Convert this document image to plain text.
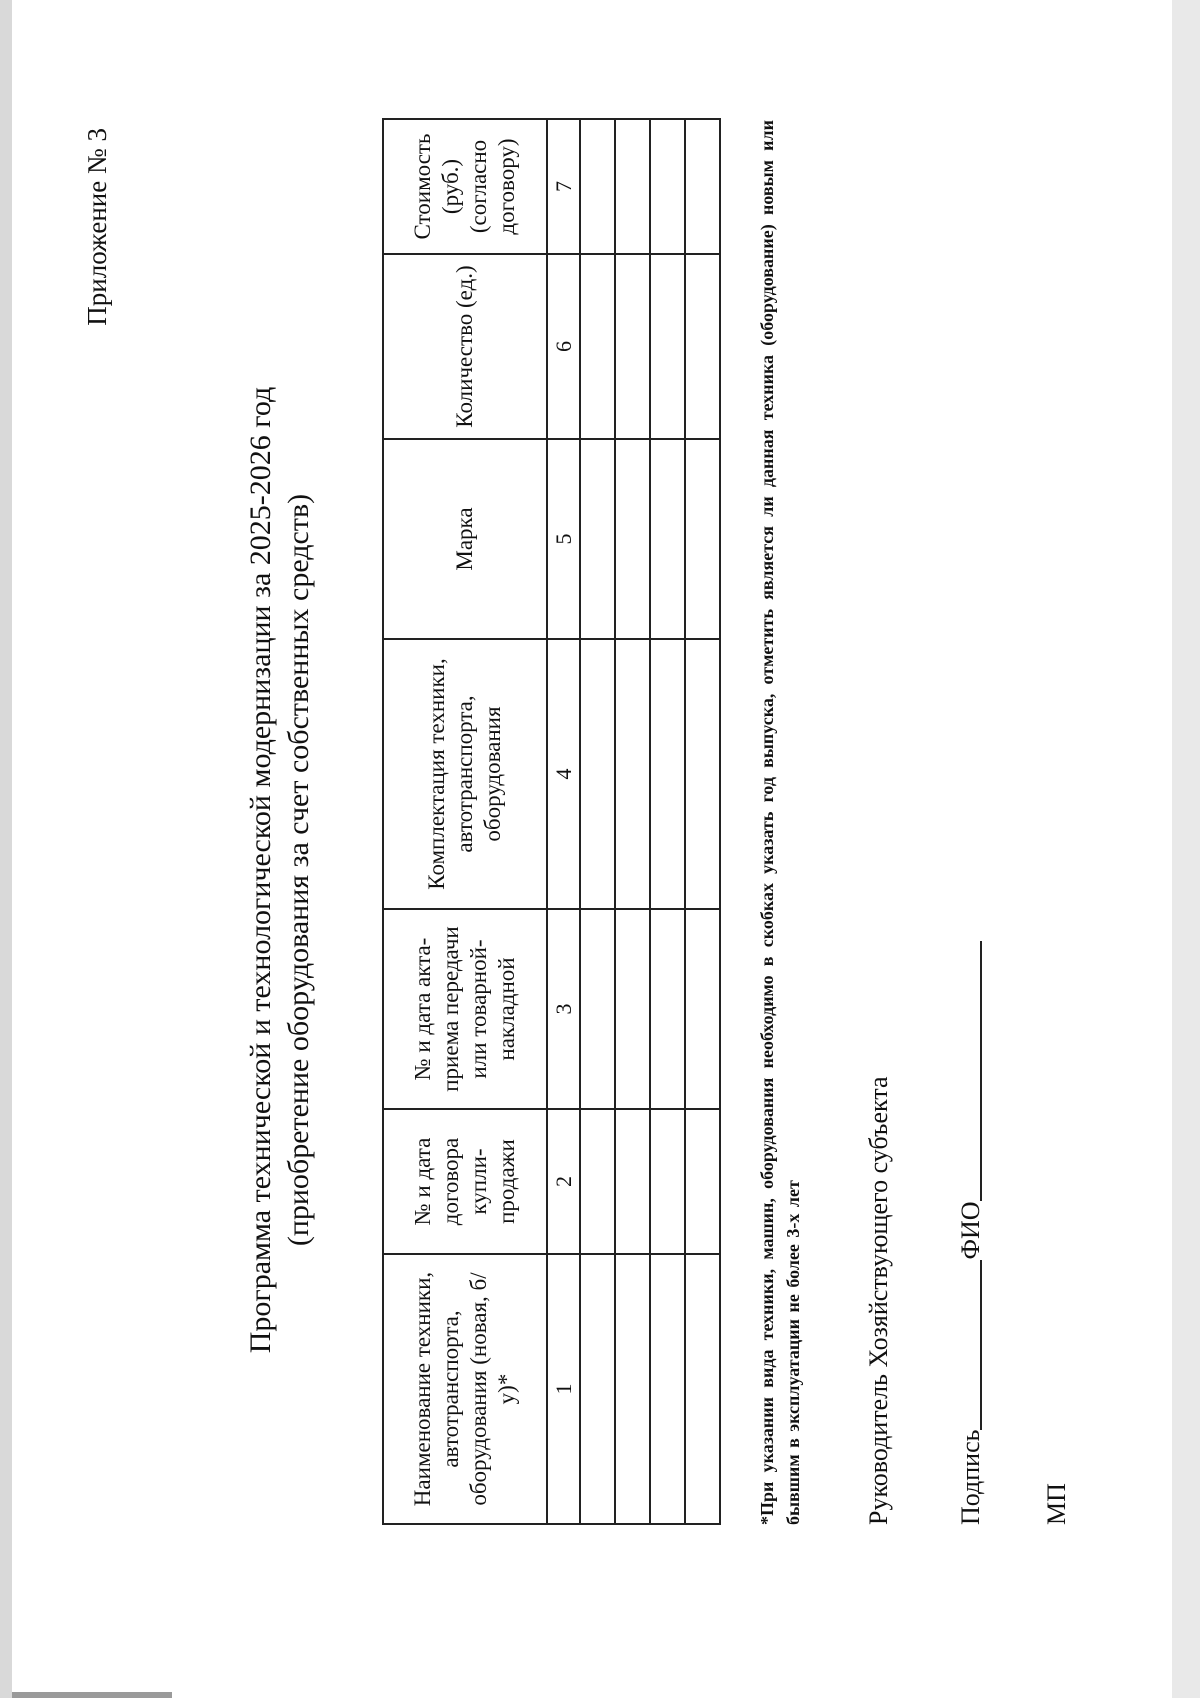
Приложение № 3
Программа технической и технологической модернизации за 2025-2026 год (приобретение оборудования за счет собственных средств)
Наименование техники, автотранспорта, оборудования (новая, б/у)*	№ и дата договора купли-продажи	№ и дата акта-приема передачи или товарной-накладной	Комплектация техники, автотранспорта, оборудования	Марка	Количество (ед.)	Стоимость (руб.) (согласно договору)
1	2	3	4	5	6	7

							*При указании вида техники, машин, оборудования необходимо в скобках указать год выпуска, отметить является ли данная техника (оборудование) новым или бывшим в эксплуатации не более 3-х лет Руководитель Хозяйствующего субъекта ПодписьФИО
МП
